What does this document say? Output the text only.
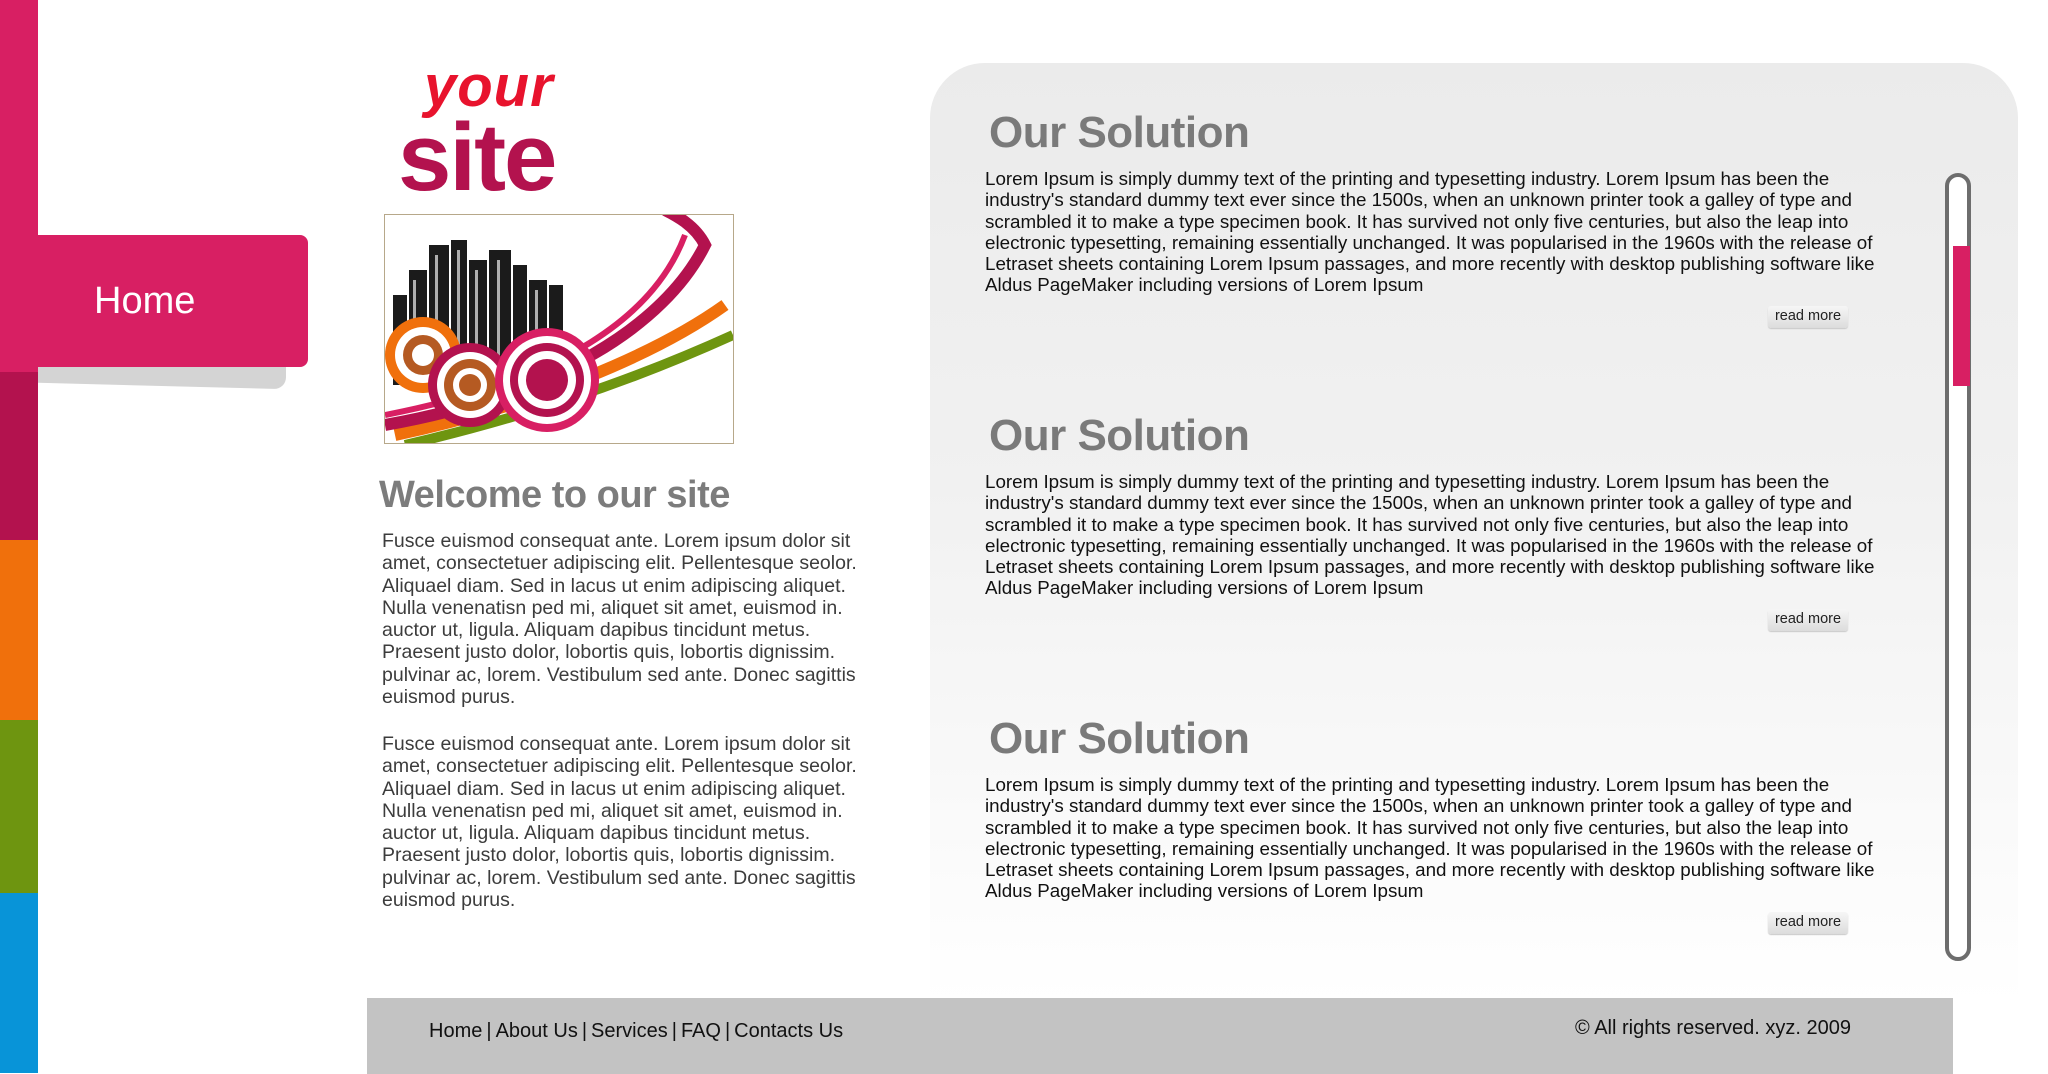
Home
your
site
Welcome to our site

Fusce euismod consequat ante. Lorem ipsum dolor sit amet, consectetuer adipiscing elit. Pellentesque seolor. Aliquael diam. Sed in lacus ut enim adipiscing aliquet. Nulla venenatisn ped mi, aliquet sit amet, euismod in. auctor ut, ligula. Aliquam dapibus tincidunt metus. Praesent justo dolor, lobortis quis, lobortis dignissim. pulvinar ac, lorem. Vestibulum sed ante. Donec sagittis euismod purus.

Fusce euismod consequat ante. Lorem ipsum dolor sit amet, consectetuer adipiscing elit. Pellentesque seolor. Aliquael diam. Sed in lacus ut enim adipiscing aliquet. Nulla venenatisn ped mi, aliquet sit amet, euismod in. auctor ut, ligula. Aliquam dapibus tincidunt metus. Praesent justo dolor, lobortis quis, lobortis dignissim. pulvinar ac, lorem. Vestibulum sed ante. Donec sagittis euismod purus.

Our Solution

Lorem Ipsum is simply dummy text of the printing and typesetting industry. Lorem Ipsum has been the industry's standard dummy text ever since the 1500s, when an unknown printer took a galley of type and scrambled it to make a type specimen book. It has survived not only five centuries, but also the leap into electronic typesetting, remaining essentially unchanged. It was popularised in the 1960s with the release of Letraset sheets containing Lorem Ipsum passages, and more recently with desktop publishing software like Aldus PageMaker including versions of Lorem Ipsum

read more
Our Solution

Lorem Ipsum is simply dummy text of the printing and typesetting industry. Lorem Ipsum has been the industry's standard dummy text ever since the 1500s, when an unknown printer took a galley of type and scrambled it to make a type specimen book. It has survived not only five centuries, but also the leap into electronic typesetting, remaining essentially unchanged. It was popularised in the 1960s with the release of Letraset sheets containing Lorem Ipsum passages, and more recently with desktop publishing software like Aldus PageMaker including versions of Lorem Ipsum

read more
Our Solution

Lorem Ipsum is simply dummy text of the printing and typesetting industry. Lorem Ipsum has been the industry's standard dummy text ever since the 1500s, when an unknown printer took a galley of type and scrambled it to make a type specimen book. It has survived not only five centuries, but also the leap into electronic typesetting, remaining essentially unchanged. It was popularised in the 1960s with the release of Letraset sheets containing Lorem Ipsum passages, and more recently with desktop publishing software like Aldus PageMaker including versions of Lorem Ipsum

read more
Home | About Us | Services | FAQ | Contacts Us	© All rights reserved. xyz. 2009
